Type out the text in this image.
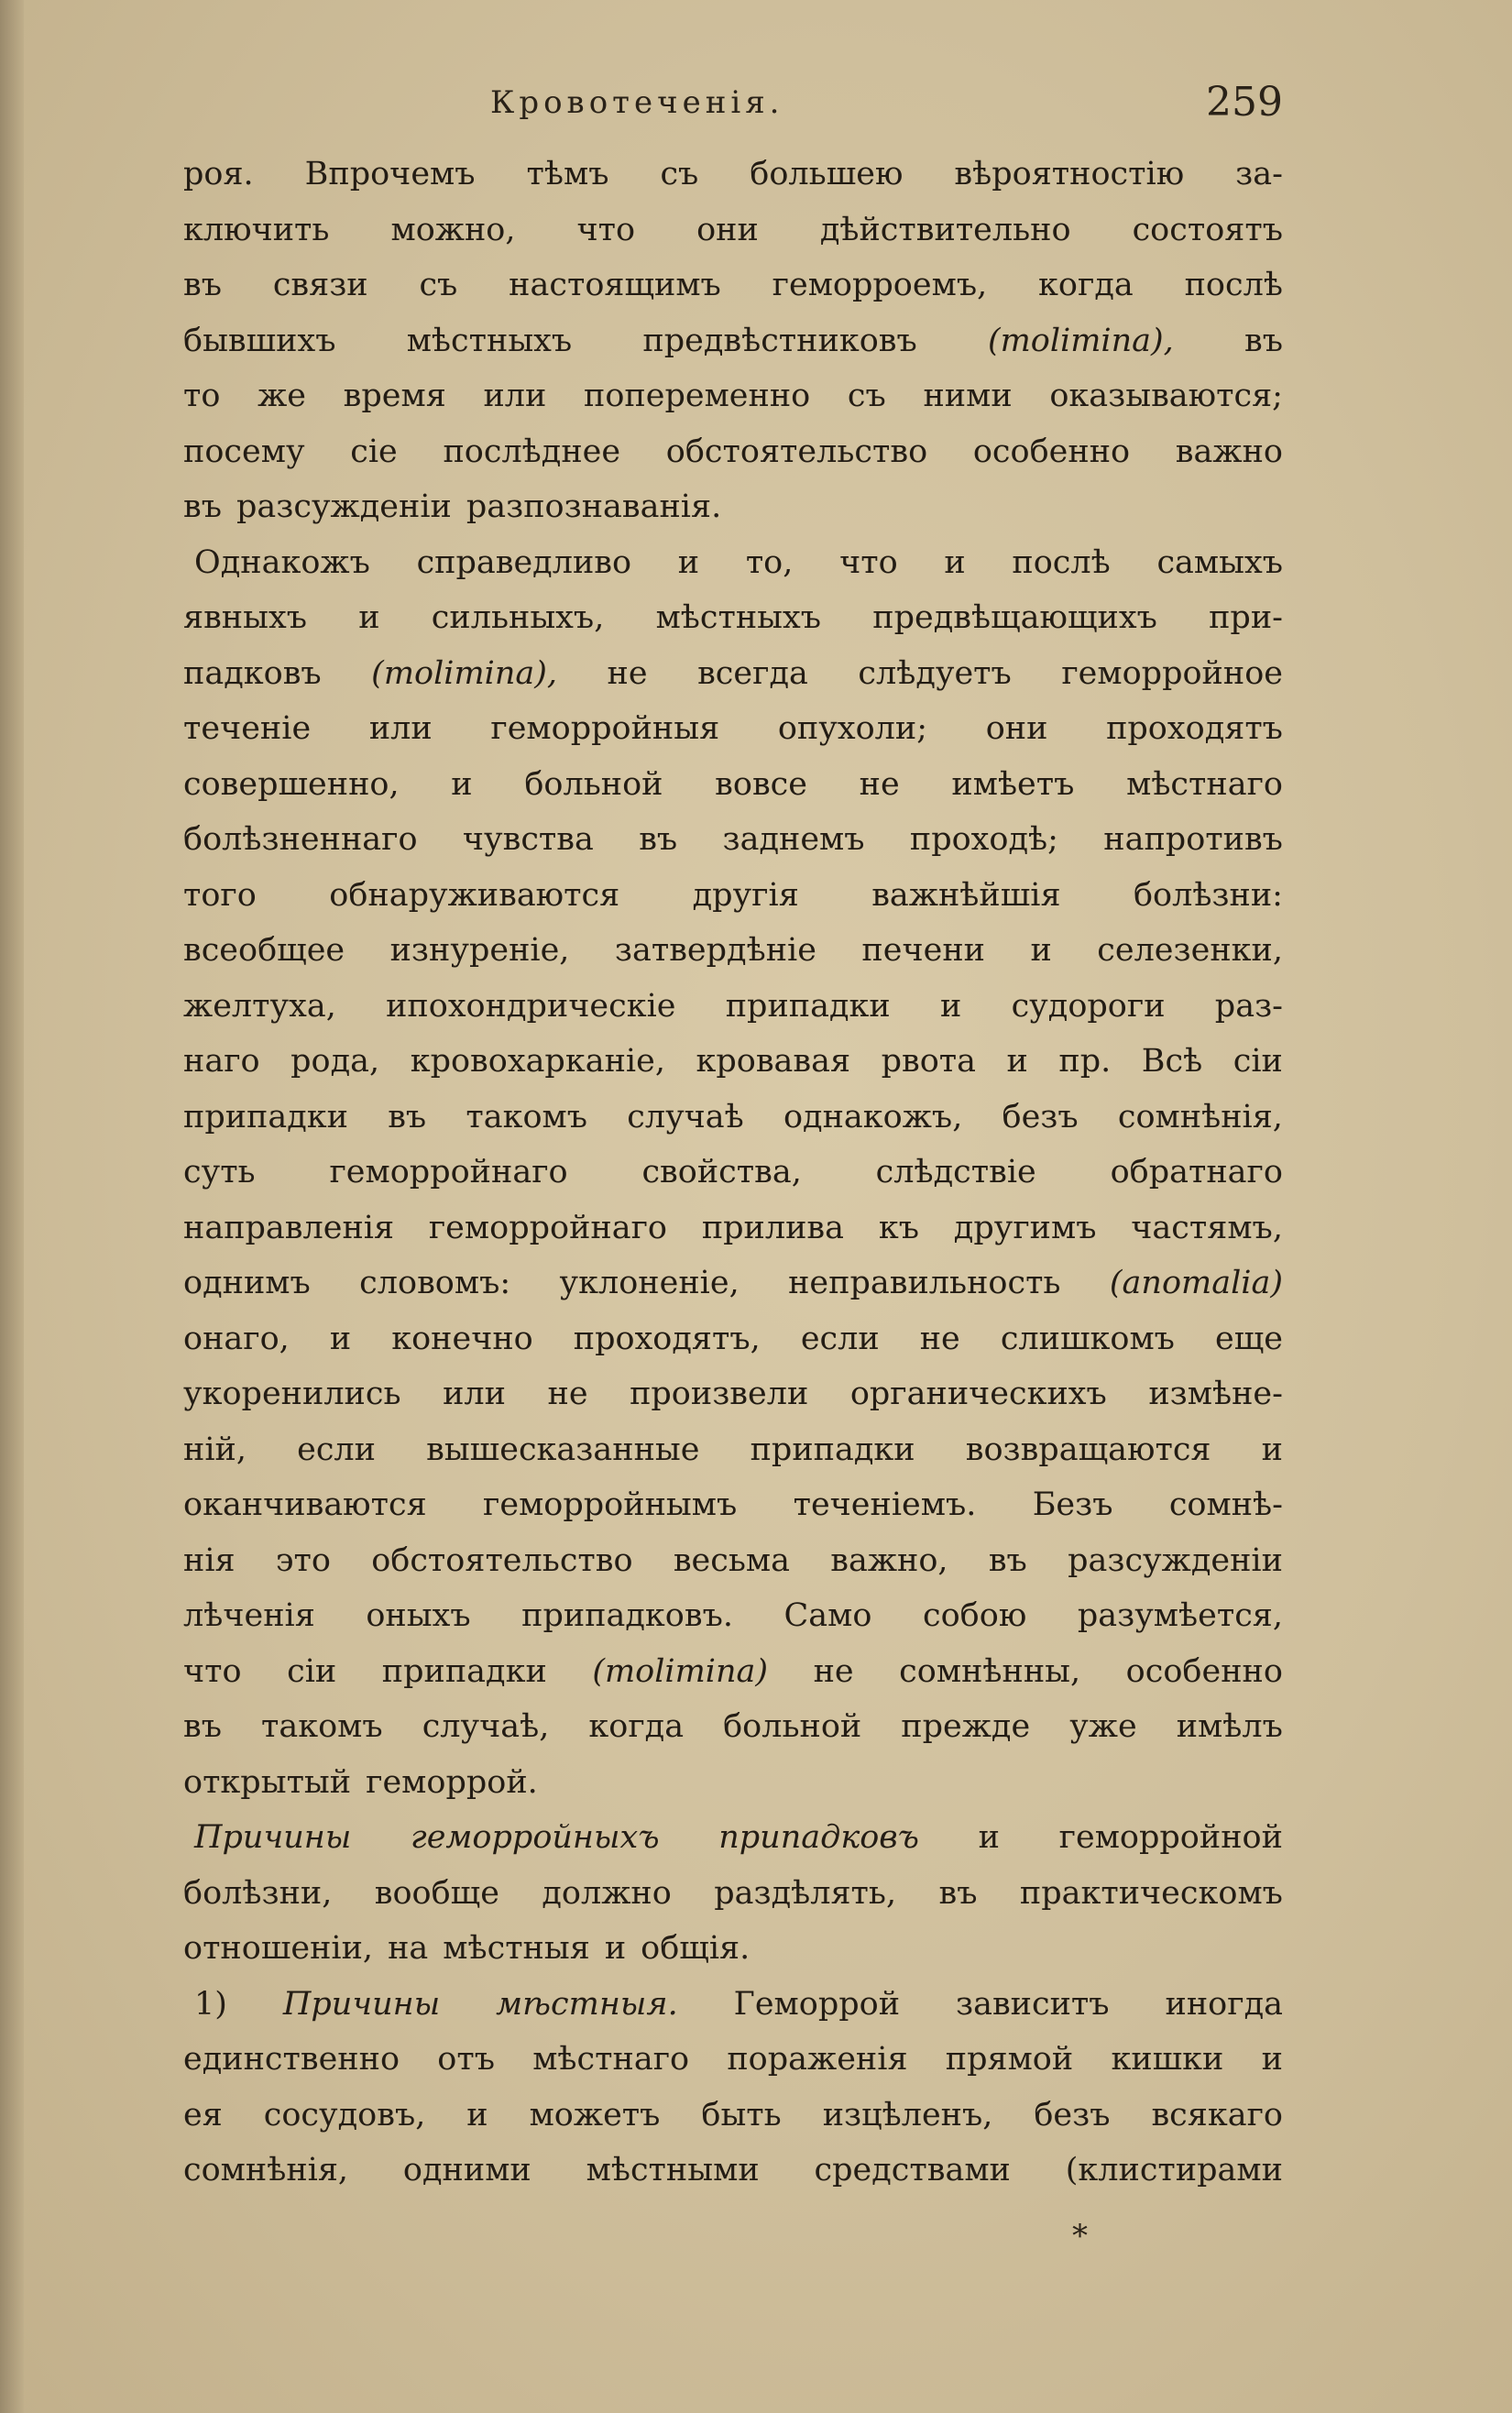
Кровотеченія.	259
роя. Впрочемъ тѣмъ съ большею вѣроятностію за-
ключить можно, что они дѣйствительно состоятъ
въ связи съ настоящимъ геморроемъ, когда послѣ
бывшихъ мѣстныхъ предвѣстниковъ (molimina), въ
то же время или попеременно съ ними оказываются;
посему сіе послѣднее обстоятельство особенно важно
въ разсужденіи разпознаванія.
Однакожъ справедливо и то, что и послѣ самыхъ
явныхъ и сильныхъ, мѣстныхъ предвѣщающихъ при-
падковъ (molimina), не всегда слѣдуетъ геморройное
теченіе или геморройныя опухоли; они проходятъ
совершенно, и больной вовсе не имѣетъ мѣстнаго
болѣзненнаго чувства въ заднемъ проходѣ; напротивъ
того обнаруживаются другія важнѣйшія болѣзни:
всеобщее изнуреніе, затвердѣніе печени и селезенки,
желтуха, ипохондрическіе припадки и судороги раз-
наго рода, кровохарканіе, кровавая рвота и пр. Всѣ сіи
припадки въ такомъ случаѣ однакожъ, безъ сомнѣнія,
суть геморройнаго свойства, слѣдствіе обратнаго
направленія геморройнаго прилива къ другимъ частямъ,
однимъ словомъ: уклоненіе, неправильность (anomalia)
онаго, и конечно проходятъ, если не слишкомъ еще
укоренились или не произвели органическихъ измѣне-
ній, если вышесказанные припадки возвращаются и
оканчиваются геморройнымъ теченіемъ. Безъ сомнѣ-
нія это обстоятельство весьма важно, въ разсужденіи
лѣченія оныхъ припадковъ. Само собою разумѣется,
что сіи припадки (molimina) не сомнѣнны, особенно
въ такомъ случаѣ, когда больной прежде уже имѣлъ
открытый геморрой.
Причины геморройныхъ припадковъ и геморройной
болѣзни, вообще должно раздѣлять, въ практическомъ
отношеніи, на мѣстныя и общія.
1) Причины мѣстныя. Геморрой зависитъ иногда
единственно отъ мѣстнаго пораженія прямой кишки и
ея сосудовъ, и можетъ быть изцѣленъ, безъ всякаго
сомнѣнія, одними мѣстными средствами (клистирами
*
